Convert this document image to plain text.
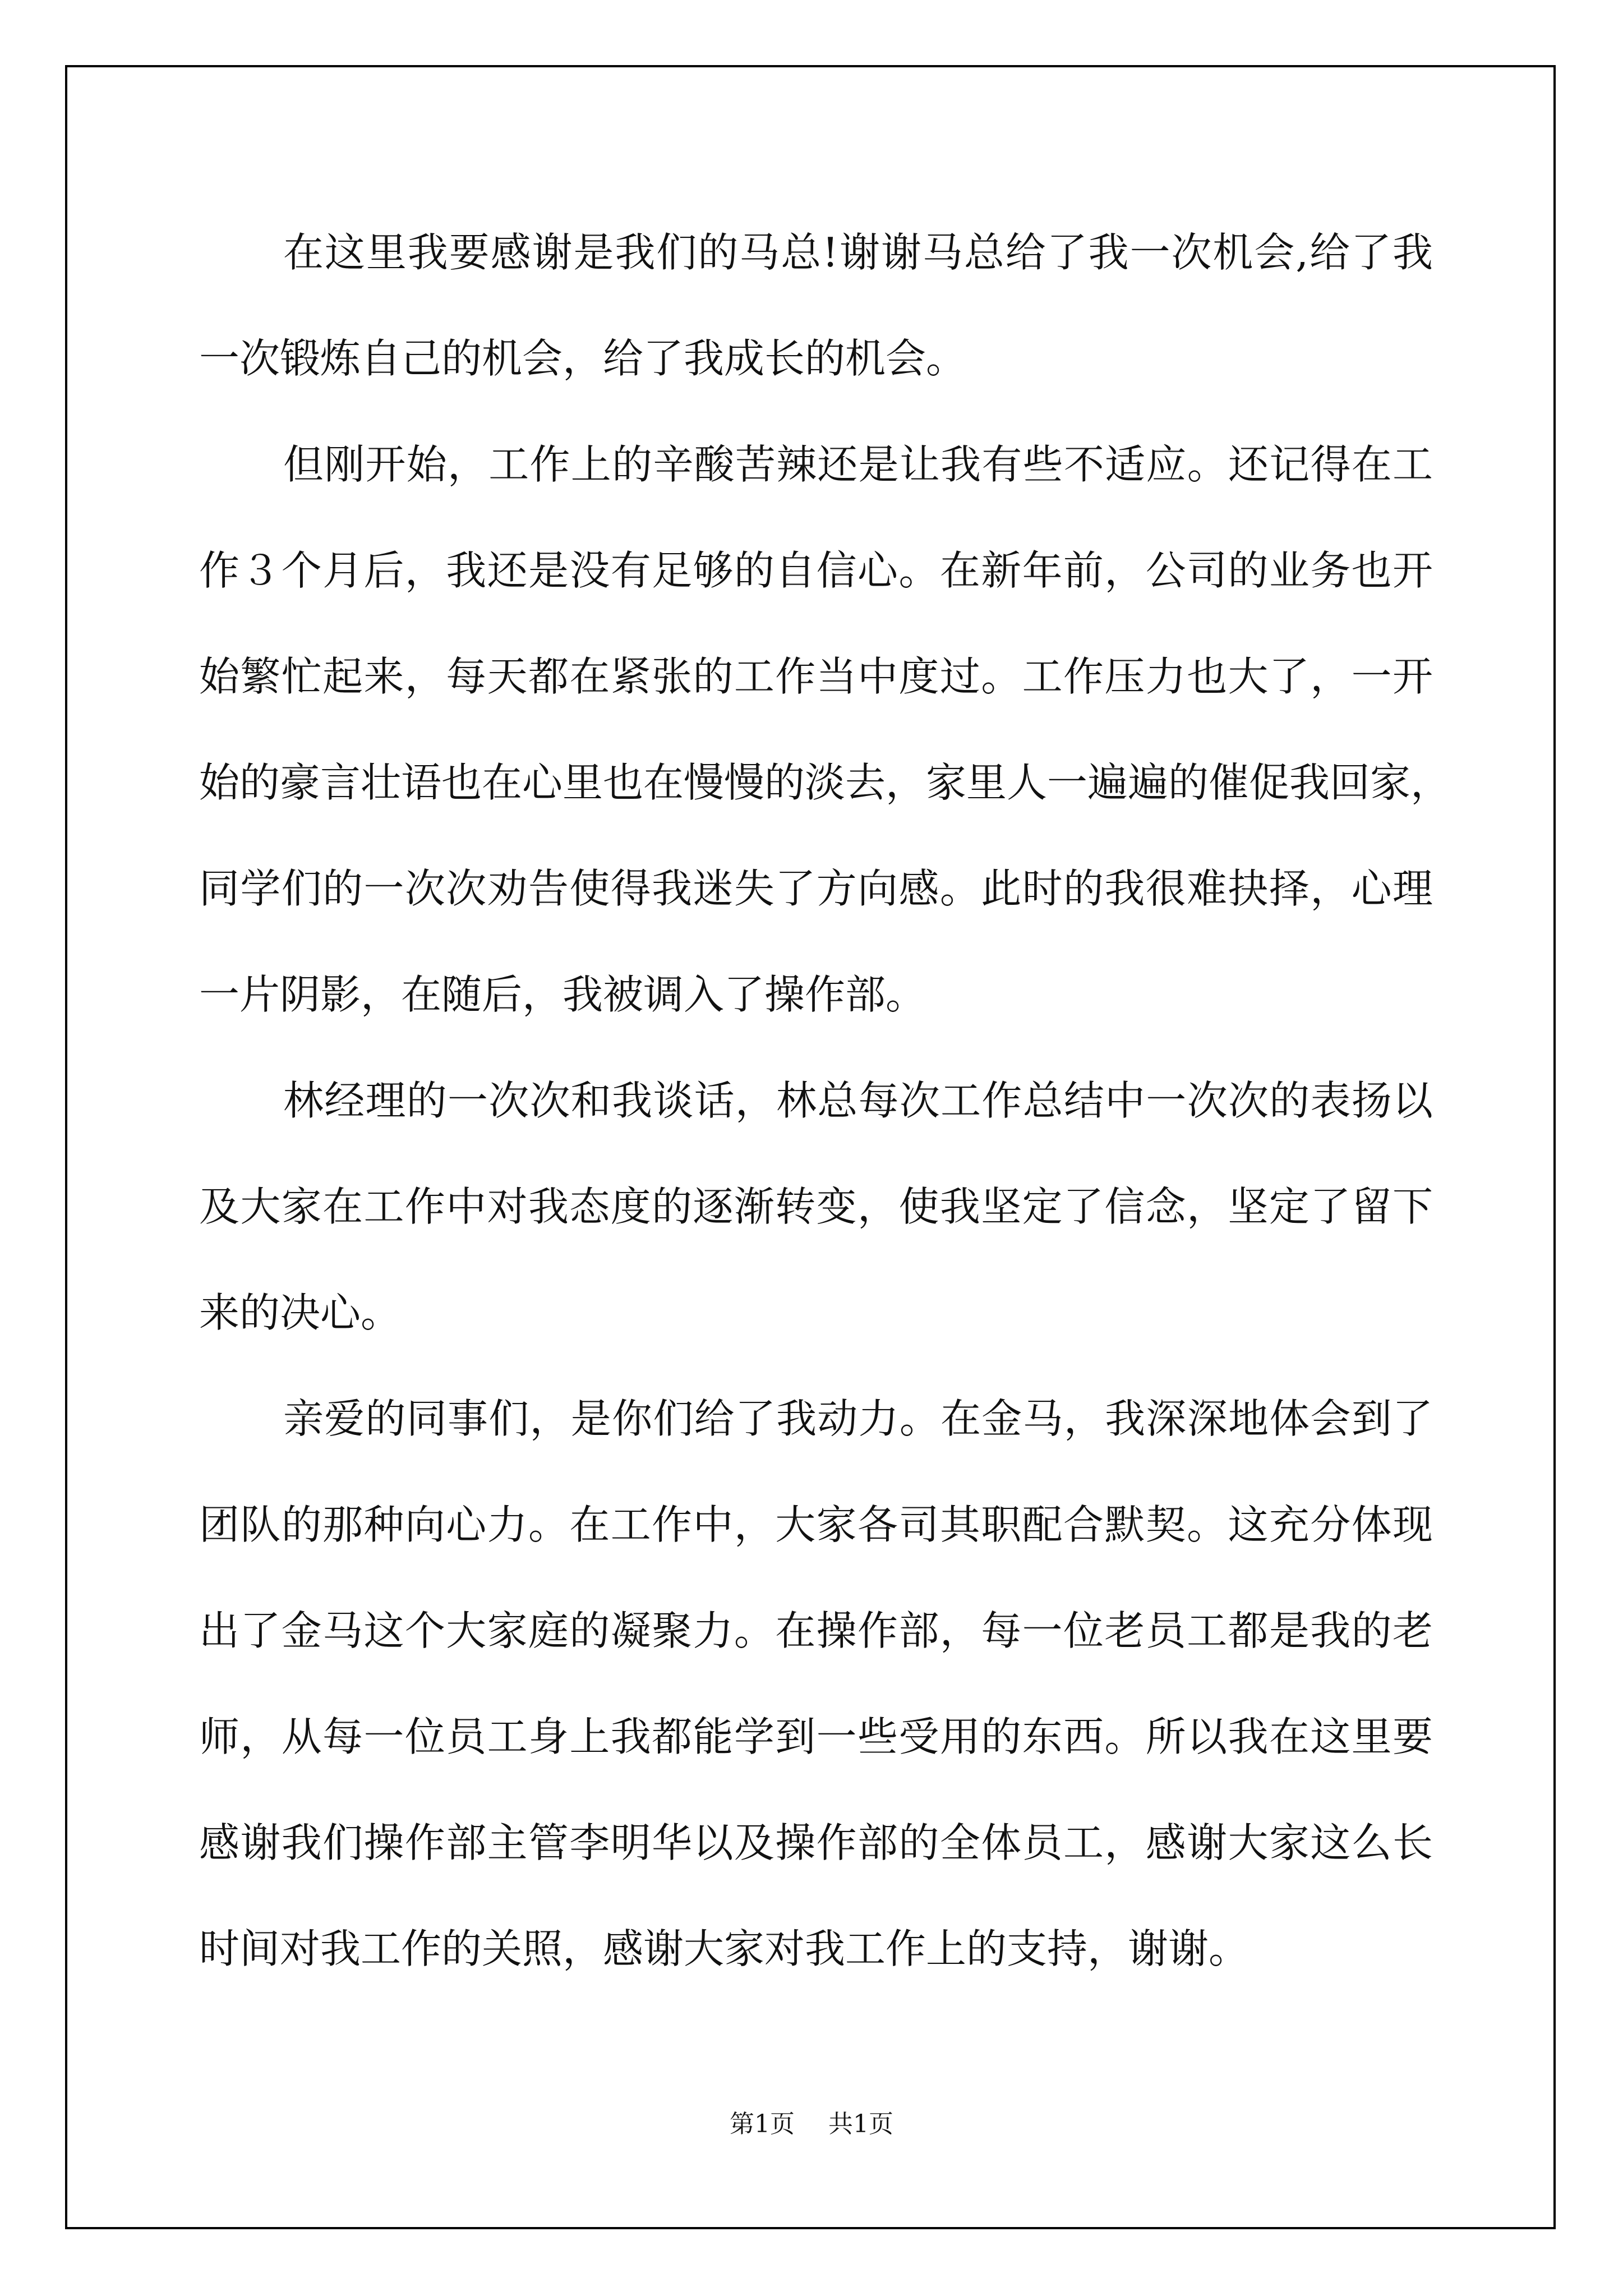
在这里我要感谢是我们的马总!谢谢马总给了我一次机会,给了我
一次锻炼自己的机会，给了我成长的机会。
但刚开始，工作上的辛酸苦辣还是让我有些不适应。还记得在工
作３个月后，我还是没有足够的自信心。在新年前，公司的业务也开
始繁忙起来，每天都在紧张的工作当中度过。工作压力也大了，一开
始的豪言壮语也在心里也在慢慢的淡去，家里人一遍遍的催促我回家，
同学们的一次次劝告使得我迷失了方向感。此时的我很难抉择，心理
一片阴影，在随后，我被调入了操作部。
林经理的一次次和我谈话，林总每次工作总结中一次次的表扬以
及大家在工作中对我态度的逐渐转变，使我坚定了信念，坚定了留下
来的决心。
亲爱的同事们，是你们给了我动力。在金马，我深深地体会到了
团队的那种向心力。在工作中，大家各司其职配合默契。这充分体现
出了金马这个大家庭的凝聚力。在操作部，每一位老员工都是我的老
师，从每一位员工身上我都能学到一些受用的东西。所以我在这里要
感谢我们操作部主管李明华以及操作部的全体员工，感谢大家这么长
时间对我工作的关照，感谢大家对我工作上的支持，谢谢。
第1页 共1页
